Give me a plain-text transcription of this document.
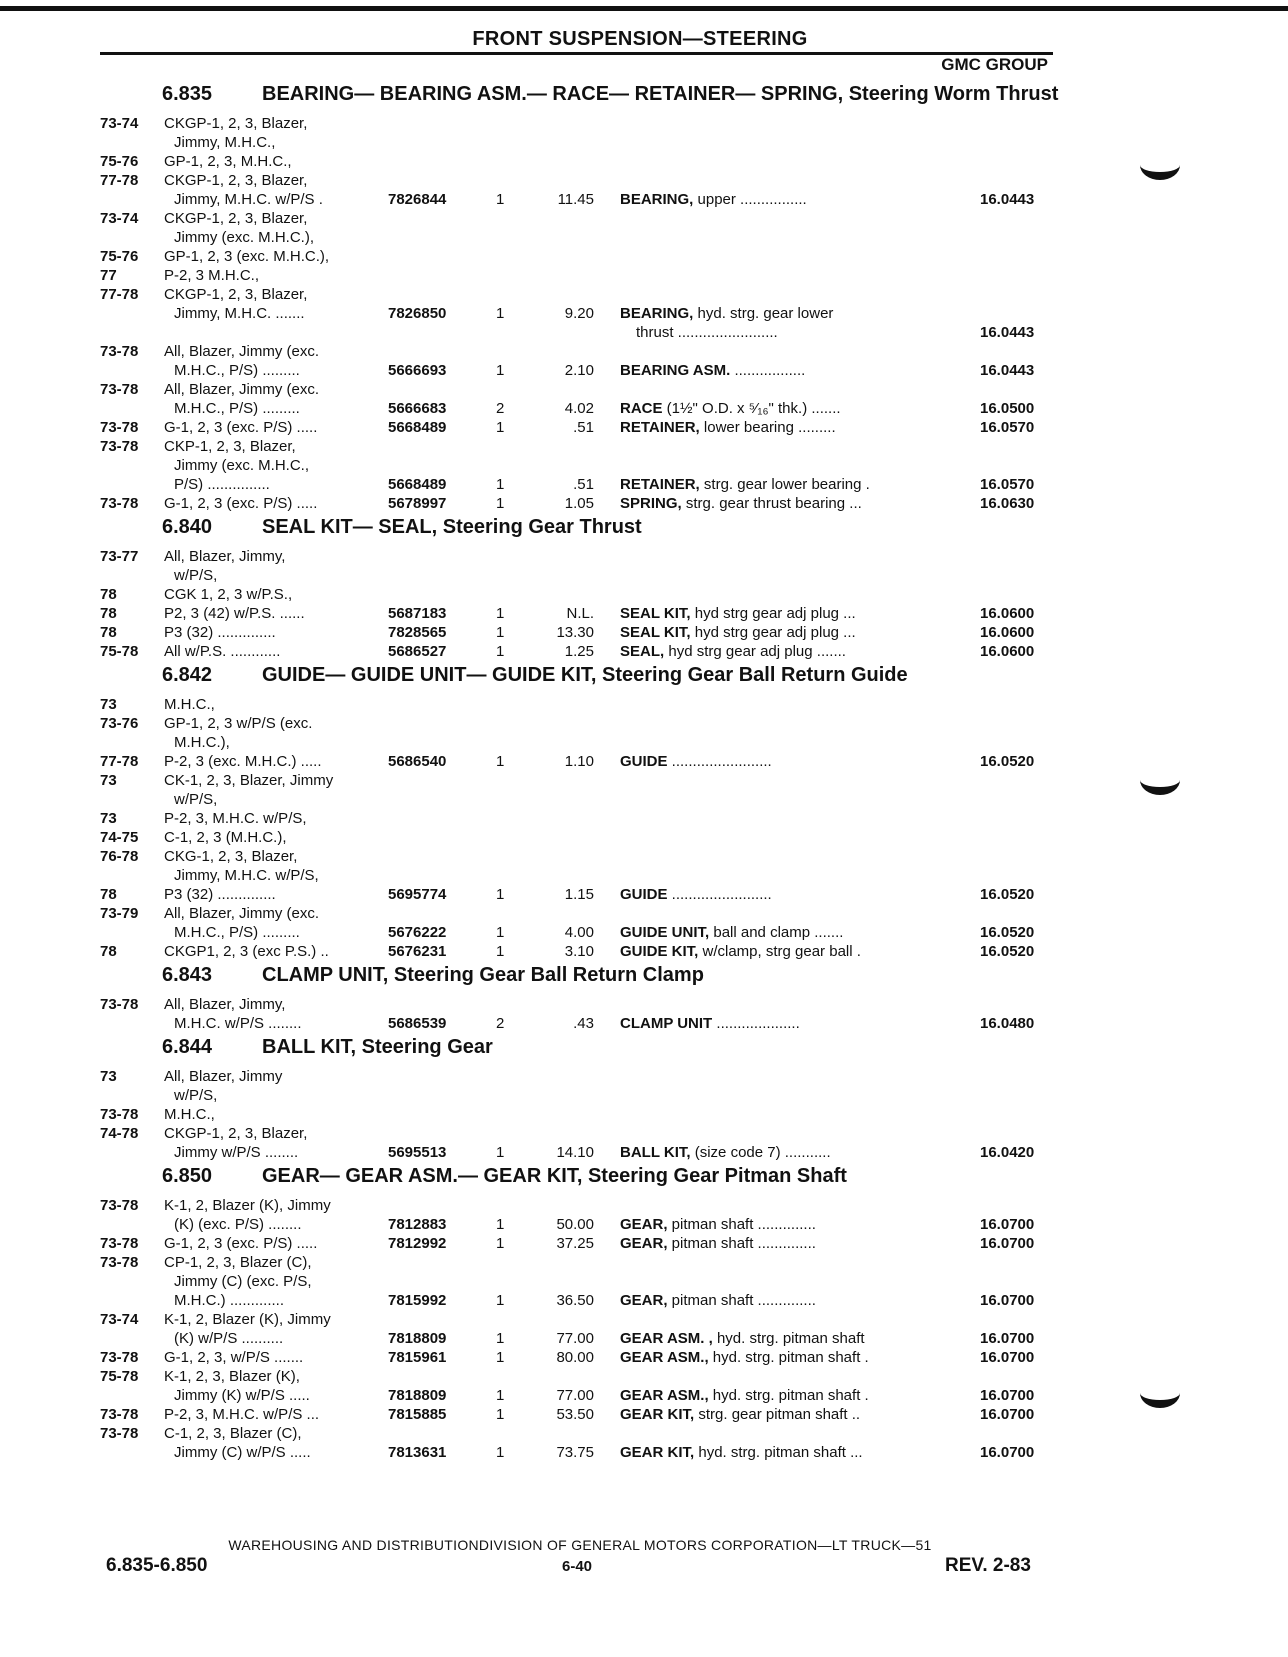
FRONT SUSPENSION—STEERING
GMC GROUP
6.835 BEARING— BEARING ASM.— RACE— RETAINER— SPRING, Steering Worm Thrust
73-74	CKGP-1, 2, 3, Blazer,
Jimmy, M.H.C.,
75-76	GP-1, 2, 3, M.H.C.,
77-78	CKGP-1, 2, 3, Blazer,
Jimmy, M.H.C. w/P/S .	7826844	1	11.45 BEARING, upper ................	16.0443
73-74	CKGP-1, 2, 3, Blazer,
Jimmy (exc. M.H.C.),
75-76	GP-1, 2, 3 (exc. M.H.C.),
77	P-2, 3 M.H.C.,
77-78	CKGP-1, 2, 3, Blazer,
Jimmy, M.H.C. .......	7826850	1	9.20 BEARING, hyd. strg. gear lower
thrust ........................	16.0443
73-78	All, Blazer, Jimmy (exc.
M.H.C., P/S) .........	5666693	1	2.10 BEARING ASM. .................	16.0443
73-78	All, Blazer, Jimmy (exc.
M.H.C., P/S) .........	5666683	2	4.02 RACE (1½" O.D. x ⁵⁄₁₆" thk.) .......	16.0500
73-78	G-1, 2, 3 (exc. P/S) .....	5668489	1	.51 RETAINER, lower bearing .........	16.0570
73-78	CKP-1, 2, 3, Blazer,
Jimmy (exc. M.H.C.,
P/S) ...............	5668489	1	.51 RETAINER, strg. gear lower bearing .	16.0570
73-78	G-1, 2, 3 (exc. P/S) .....	5678997	1	1.05 SPRING, strg. gear thrust bearing ...	16.0630
6.840 SEAL KIT— SEAL, Steering Gear Thrust
73-77	All, Blazer, Jimmy,
w/P/S,
78	CGK 1, 2, 3 w/P.S.,
78	P2, 3 (42) w/P.S. ......	5687183	1	N.L. SEAL KIT, hyd strg gear adj plug ...	16.0600
78	P3 (32) ..............	7828565	1	13.30 SEAL KIT, hyd strg gear adj plug ...	16.0600
75-78	All w/P.S. ............	5686527	1	1.25 SEAL, hyd strg gear adj plug .......	16.0600
6.842 GUIDE— GUIDE UNIT— GUIDE KIT, Steering Gear Ball Return Guide
73	M.H.C.,
73-76	GP-1, 2, 3 w/P/S (exc.
M.H.C.),
77-78	P-2, 3 (exc. M.H.C.) .....	5686540	1	1.10 GUIDE ........................	16.0520
73	CK-1, 2, 3, Blazer, Jimmy
w/P/S,
73	P-2, 3, M.H.C. w/P/S,
74-75	C-1, 2, 3 (M.H.C.),
76-78	CKG-1, 2, 3, Blazer,
Jimmy, M.H.C. w/P/S,
78	P3 (32) ..............	5695774	1	1.15 GUIDE ........................	16.0520
73-79	All, Blazer, Jimmy (exc.
M.H.C., P/S) .........	5676222	1	4.00 GUIDE UNIT, ball and clamp .......	16.0520
78	CKGP1, 2, 3 (exc P.S.) ..	5676231	1	3.10 GUIDE KIT, w/clamp, strg gear ball .	16.0520
6.843 CLAMP UNIT, Steering Gear Ball Return Clamp
73-78	All, Blazer, Jimmy,
M.H.C. w/P/S ........	5686539	2	.43 CLAMP UNIT ....................	16.0480
6.844 BALL KIT, Steering Gear
73	All, Blazer, Jimmy
w/P/S,
73-78	M.H.C.,
74-78	CKGP-1, 2, 3, Blazer,
Jimmy w/P/S ........	5695513	1	14.10 BALL KIT, (size code 7) ...........	16.0420
6.850 GEAR— GEAR ASM.— GEAR KIT, Steering Gear Pitman Shaft
73-78	K-1, 2, Blazer (K), Jimmy
(K) (exc. P/S) ........	7812883	1	50.00 GEAR, pitman shaft ..............	16.0700
73-78	G-1, 2, 3 (exc. P/S) .....	7812992	1	37.25 GEAR, pitman shaft ..............	16.0700
73-78	CP-1, 2, 3, Blazer (C),
Jimmy (C) (exc. P/S,
M.H.C.) .............	7815992	1	36.50 GEAR, pitman shaft ..............	16.0700
73-74	K-1, 2, Blazer (K), Jimmy
(K) w/P/S ..........	7818809	1	77.00 GEAR ASM. , hyd. strg. pitman shaft	16.0700
73-78	G-1, 2, 3, w/P/S .......	7815961	1	80.00 GEAR ASM., hyd. strg. pitman shaft .	16.0700
75-78	K-1, 2, 3, Blazer (K),
Jimmy (K) w/P/S .....	7818809	1	77.00 GEAR ASM., hyd. strg. pitman shaft .	16.0700
73-78	P-2, 3, M.H.C. w/P/S ...	7815885	1	53.50 GEAR KIT, strg. gear pitman shaft ..	16.0700
73-78	C-1, 2, 3, Blazer (C),
Jimmy (C) w/P/S .....	7813631	1	73.75 GEAR KIT, hyd. strg. pitman shaft ...	16.0700
WAREHOUSING AND DISTRIBUTIONDIVISION OF GENERAL MOTORS CORPORATION—LT TRUCK—51
6.835-6.850	6-40	REV. 2-83
